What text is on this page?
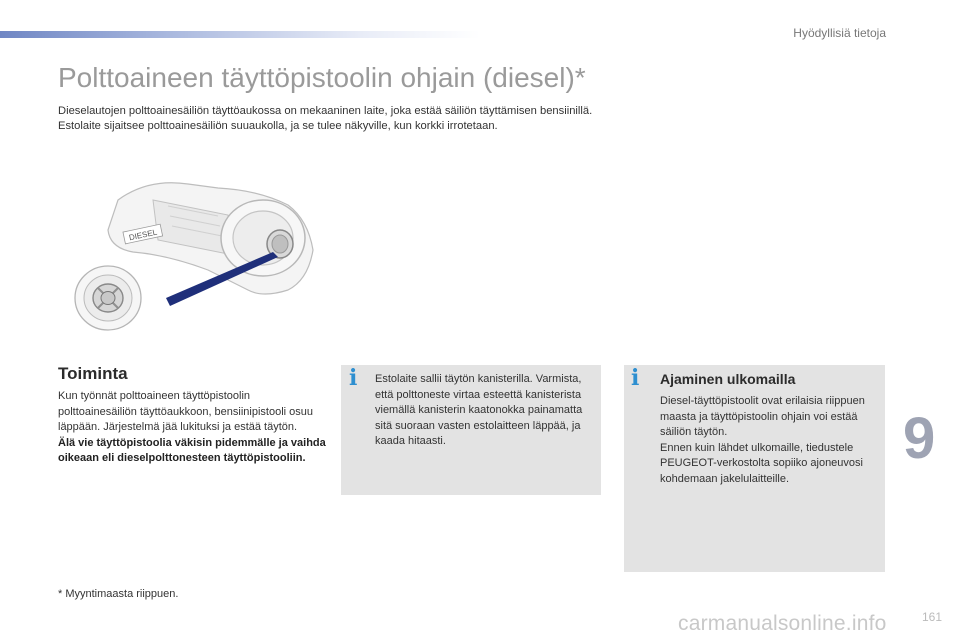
Hyödyllisiä tietoja
Polttoaineen täyttöpistoolin ohjain (diesel)*
Dieselautojen polttoainesäiliön täyttöaukossa on mekaaninen laite, joka estää säiliön täyttämisen bensiinillä.
Estolaite sijaitsee polttoainesäiliön suuaukolla, ja se tulee näkyville, kun korkki irrotetaan.
DIESEL
Toiminta
Kun työnnät polttoaineen täyttöpistoolin polttoainesäiliön täyttöaukkoon, bensiinipistooli osuu läppään. Järjestelmä jää lukituksi ja estää täytön.
Älä vie täyttöpistoolia väkisin pidemmälle ja vaihda oikeaan eli dieselpolttonesteen täyttöpistooliin.
i Estolaite sallii täytön kanisterilla. Varmista, että polttoneste virtaa esteettä kanisterista viemällä kanisterin kaatonokka painamatta sitä suoraan vasten estolaitteen läppää, ja kaada hitaasti.
i Ajaminen ulkomailla
Diesel-täyttöpistoolit ovat erilaisia riippuen maasta ja täyttöpistoolin ohjain voi estää säiliön täytön.
Ennen kuin lähdet ulkomaille, tiedustele PEUGEOT-verkostolta sopiiko ajoneuvosi kohdemaan jakelulaitteille.
9
* Myyntimaasta riippuen.
carmanualsonline.info	161
